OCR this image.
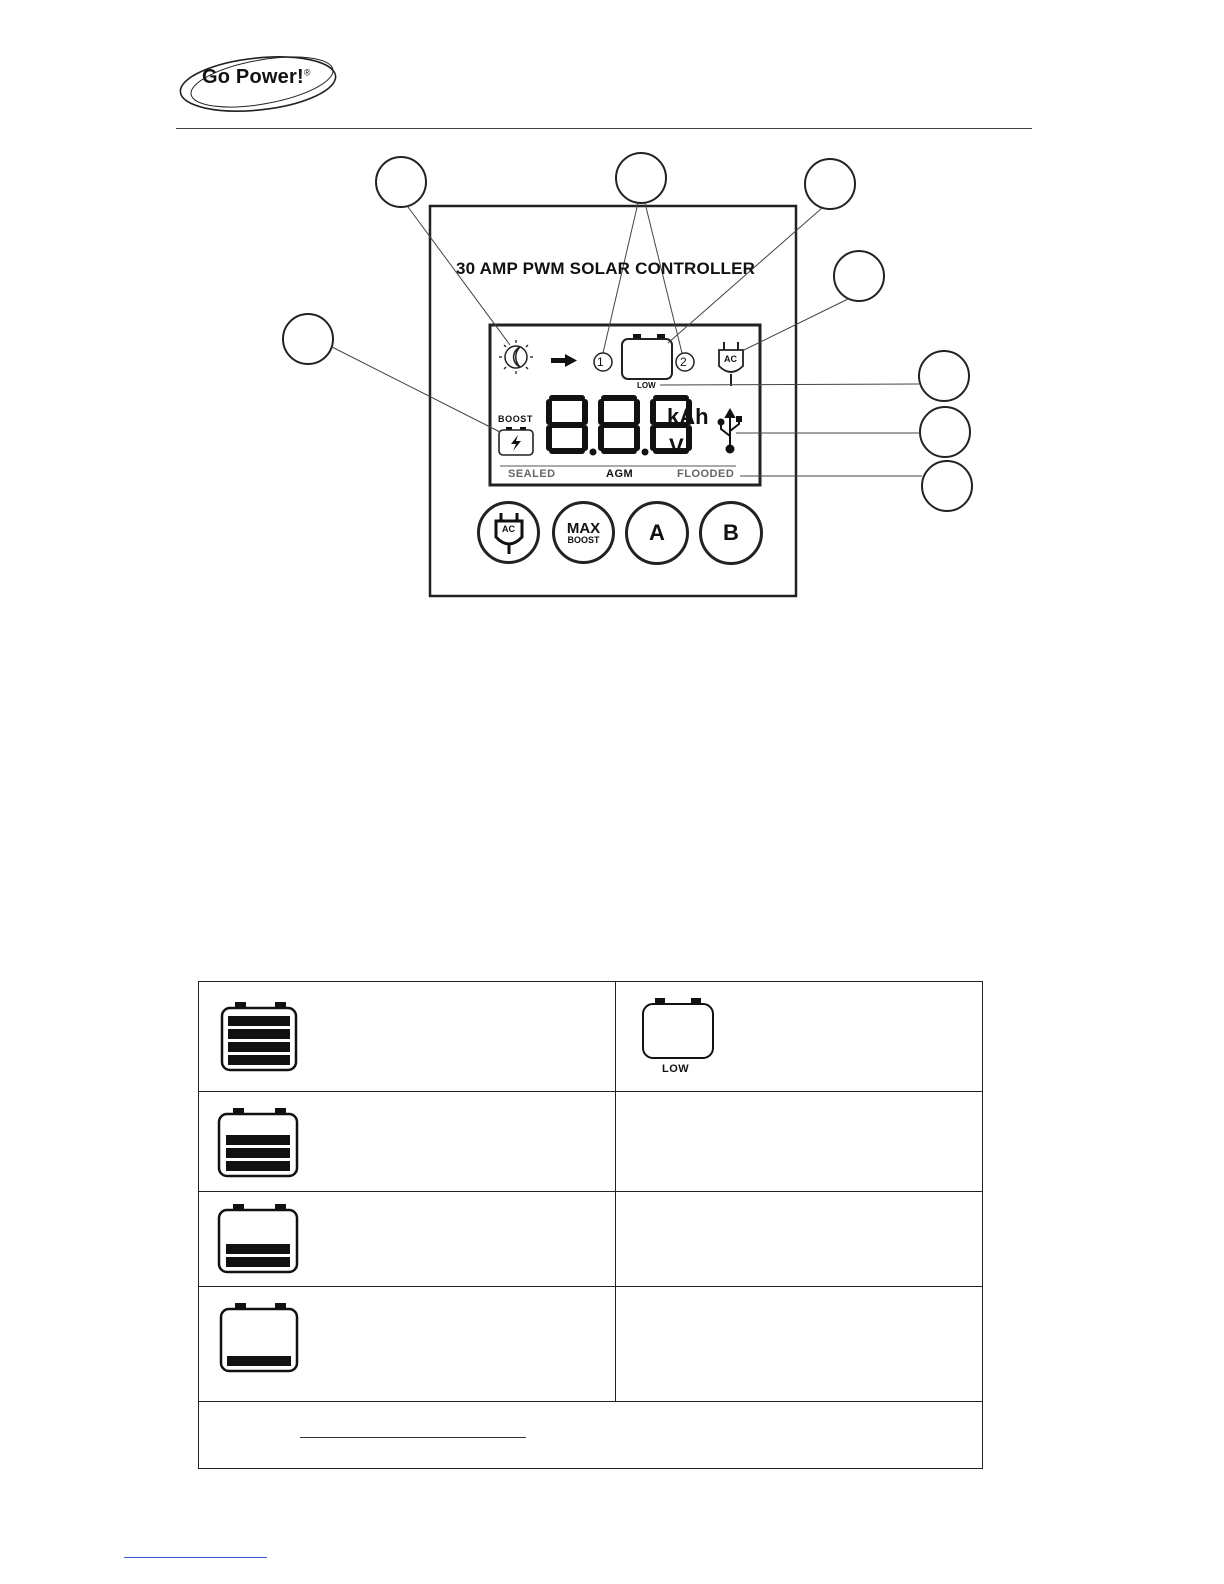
Go Power!®
30 AMP PWM SOLAR CONTROLLER
1	2
LOW
AC
BOOST	kAh
V
SEALED	AGM	FLOODED
AC	MAX
BOOST	A	B

LOW
